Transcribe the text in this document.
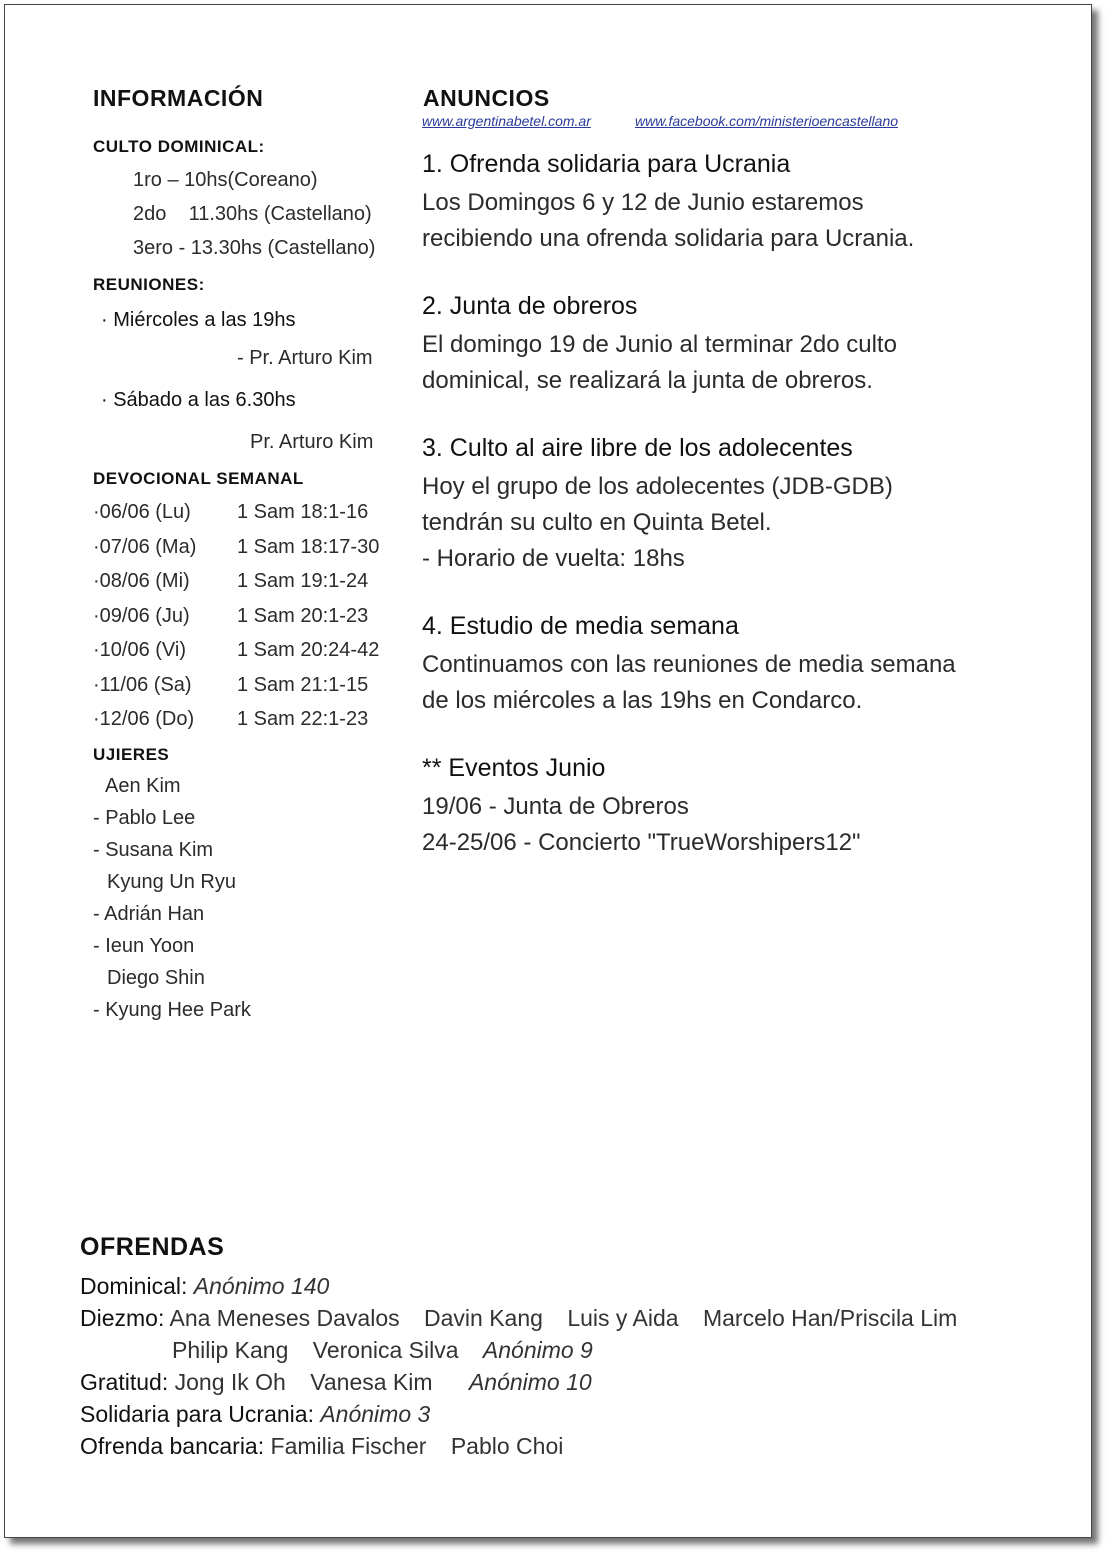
INFORMACIÓN
CULTO DOMINICAL:
1ro – 10hs(Coreano)
2do    11.30hs (Castellano)
3ero - 13.30hs (Castellano)
REUNIONES:
· Miércoles a las 19hs
- Pr. Arturo Kim
· Sábado a las 6.30hs
Pr. Arturo Kim
DEVOCIONAL SEMANAL
·06/06 (Lu) 1 Sam 18:1-16
·07/06 (Ma) 1 Sam 18:17-30
·08/06 (Mi) 1 Sam 19:1-24
·09/06 (Ju) 1 Sam 20:1-23
·10/06 (Vi)	1 Sam 20:24-42
·11/06 (Sa) 1 Sam 21:1-15
·12/06 (Do) 1 Sam 22:1-23
UJIERES
Aen Kim
- Pablo Lee
- Susana Kim
Kyung Un Ryu
- Adrián Han
- Ieun Yoon
Diego Shin
- Kyung Hee Park
ANUNCIOS
www.argentinabetel.com.ar	www.facebook.com/ministerioencastellano
1. Ofrenda solidaria para Ucrania
Los Domingos 6 y 12 de Junio estaremos
recibiendo una ofrenda solidaria para Ucrania.
2. Junta de obreros
El domingo 19 de Junio al terminar 2do culto
dominical, se realizará la junta de obreros.
3. Culto al aire libre de los adolecentes
Hoy el grupo de los adolecentes (JDB-GDB)
tendrán su culto en Quinta Betel.
- Horario de vuelta: 18hs
4. Estudio de media semana
Continuamos con las reuniones de media semana
de los miércoles a las 19hs en Condarco.
** Eventos Junio
19/06 - Junta de Obreros
24-25/06 - Concierto "TrueWorshipers12"
OFRENDAS
Dominical: Anónimo 140
Diezmo: Ana Meneses Davalos Davin Kang Luis y Aida Marcelo Han/Priscila Lim
Philip Kang Veronica Silva Anónimo 9
Gratitud: Jong Ik Oh Vanesa Kim Anónimo 10
Solidaria para Ucrania: Anónimo 3
Ofrenda bancaria: Familia Fischer Pablo Choi
